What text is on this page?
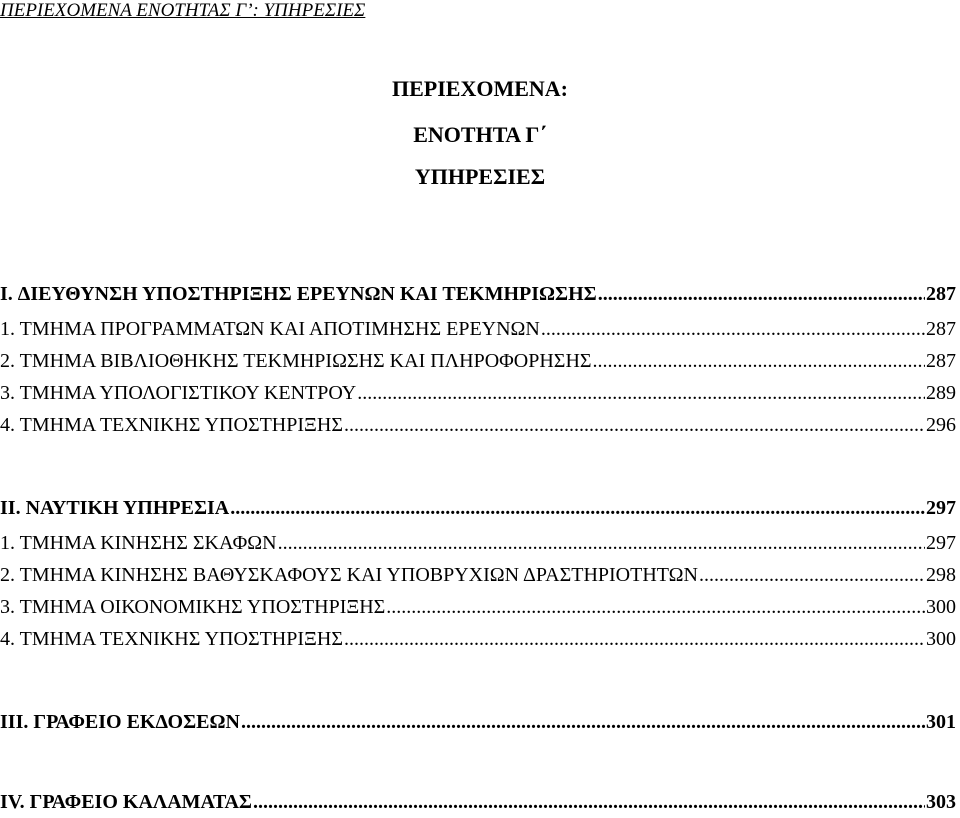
ΠΕΡΙΕΧΟΜΕΝΑ ΕΝΟΤΗΤΑΣ Γ’: ΥΠΗΡΕΣΙΕΣ
ΠΕΡΙΕΧΟΜΕΝΑ:
ΕΝΟΤΗΤΑ Γ΄
ΥΠΗΡΕΣΙΕΣ
I. ΔΙΕΥΘΥΝΣΗ ΥΠΟΣΤΗΡΙΞΗΣ ΕΡΕΥΝΩΝ ΚΑΙ ΤΕΚΜΗΡΙΩΣΗΣ .....	287
1. ΤΜΗΜΑ ΠΡΟΓΡΑΜΜΑΤΩΝ ΚΑΙ ΑΠΟΤΙΜΗΣΗΣ ΕΡΕΥΝΩΝ .....	287
2. ΤΜΗΜΑ ΒΙΒΛΙΟΘΗΚΗΣ ΤΕΚΜΗΡΙΩΣΗΣ ΚΑΙ ΠΛΗΡΟΦΟΡΗΣΗΣ .....	287
3. ΤΜΗΜΑ ΥΠΟΛΟΓΙΣΤΙΚΟΥ ΚΕΝΤΡΟΥ .....	289
4. ΤΜΗΜΑ ΤΕΧΝΙΚΗΣ ΥΠΟΣΤΗΡΙΞΗΣ .....	296
II. ΝΑΥΤΙΚΗ ΥΠΗΡΕΣΙΑ .....	297
1. ΤΜΗΜΑ ΚΙΝΗΣΗΣ ΣΚΑΦΩΝ .....	297
2. ΤΜΗΜΑ ΚΙΝΗΣΗΣ ΒΑΘΥΣΚΑΦΟΥΣ ΚΑΙ ΥΠΟΒΡΥΧΙΩΝ ΔΡΑΣΤΗΡΙΟΤΗΤΩΝ .....	298
3. ΤΜΗΜΑ ΟΙΚΟΝΟΜΙΚΗΣ ΥΠΟΣΤΗΡΙΞΗΣ .....	300
4. ΤΜΗΜΑ ΤΕΧΝΙΚΗΣ ΥΠΟΣΤΗΡΙΞΗΣ .....	300
III. ΓΡΑΦΕΙΟ ΕΚΔΟΣΕΩΝ .....	301
IV. ΓΡΑΦΕΙΟ ΚΑΛΑΜΑΤΑΣ .....	303
